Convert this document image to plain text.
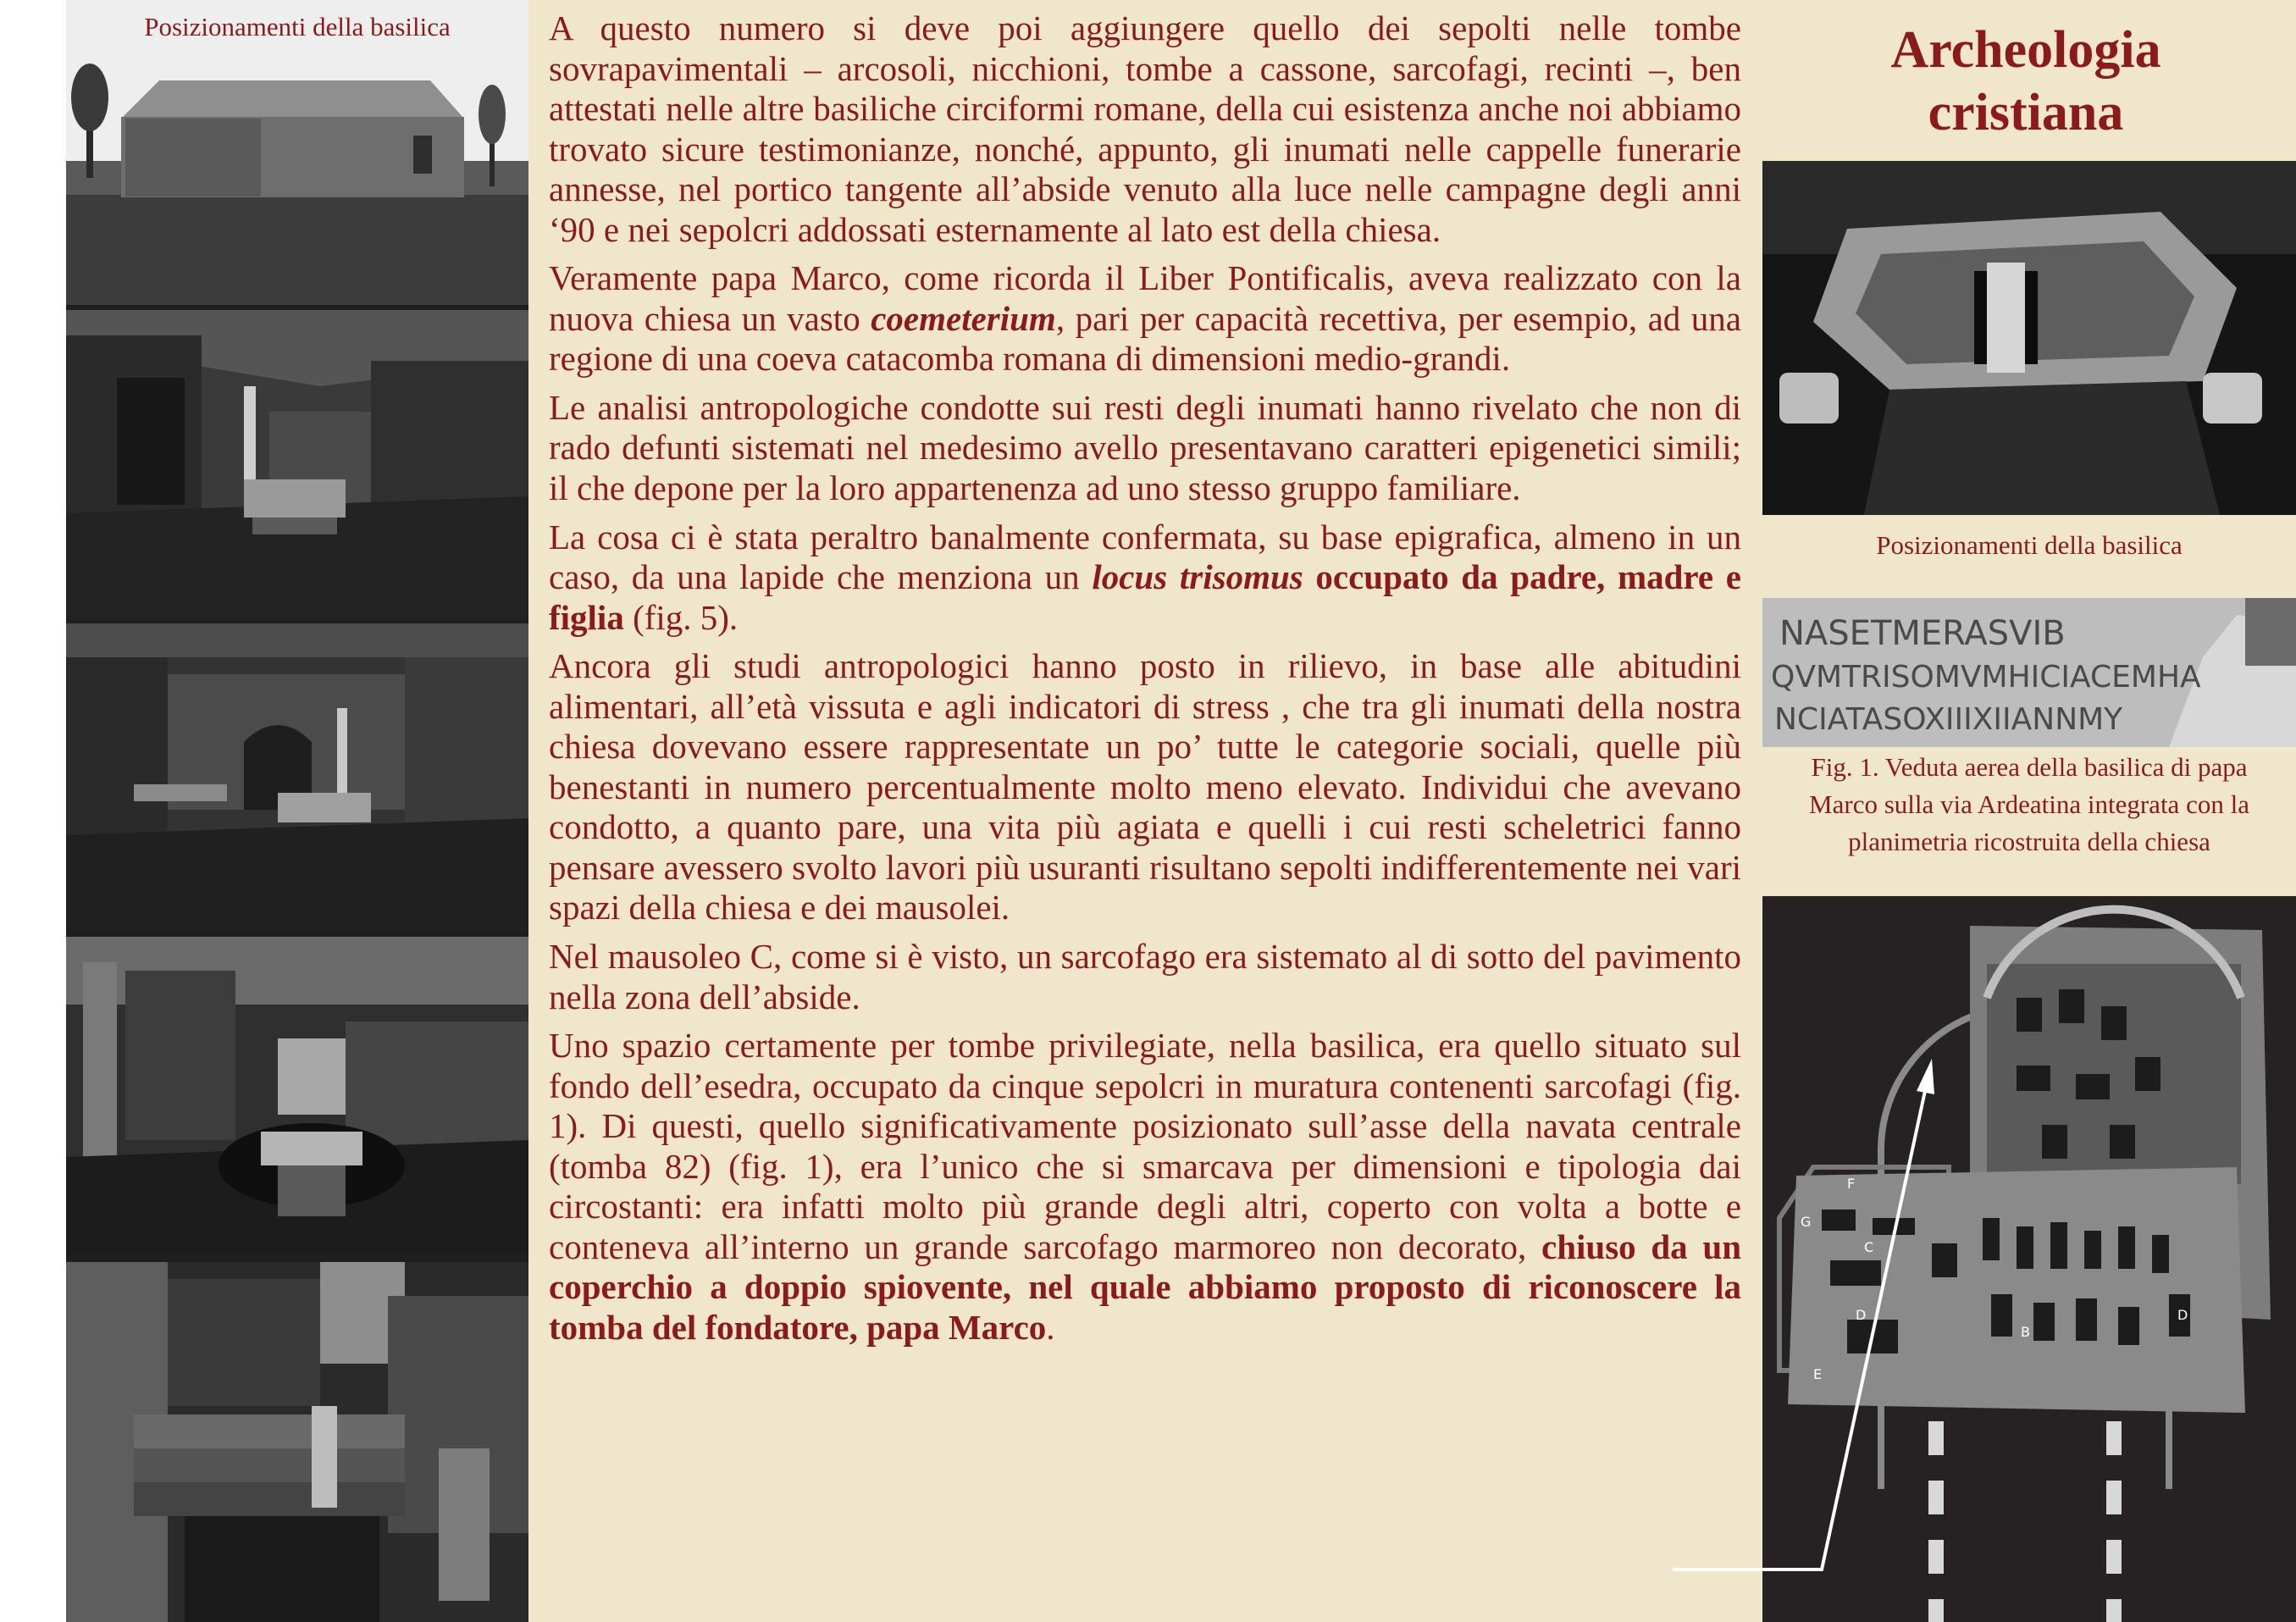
Posizionamenti della basilica	A questo numero si deve poi aggiungere quello dei sepolti nelle tombe sovrapavimentali – arcosoli, nicchioni, tombe a cassone, sarcofagi, recinti –, ben attestati nelle altre basiliche circiformi romane, della cui esistenza anche noi abbiamo trovato sicure testimonianze, nonché, appunto, gli inumati nelle cappelle funerarie annesse, nel portico tangente all’abside venuto alla luce nelle campagne degli anni ‘90 e nei sepolcri addossati esternamente al lato est della chiesa.

Veramente papa Marco, come ricorda il Liber Pontificalis, aveva realizzato con la nuova chiesa un vasto coemeterium, pari per capacità recettiva, per esempio, ad una regione di una coeva catacomba romana di dimensioni medio-grandi.

Le analisi antropologiche condotte sui resti degli inumati hanno rivelato che non di rado defunti sistemati nel medesimo avello presentavano caratteri epigenetici simili; il che depone per la loro appartenenza ad uno stesso gruppo familiare.

La cosa ci è stata peraltro banalmente confermata, su base epigrafica, almeno in un caso, da una lapide che menziona un locus trisomus occupato da padre, madre e figlia (fig. 5).

Ancora gli studi antropologici hanno posto in rilievo, in base alle abitudini alimentari, all’età vissuta e agli indicatori di stress , che tra gli inumati della nostra chiesa dovevano essere rappresentate un po’ tutte le categorie sociali, quelle più benestanti in numero percentualmente molto meno elevato. Individui che avevano condotto, a quanto pare, una vita più agiata e quelli i cui resti scheletrici fanno pensare avessero svolto lavori più usuranti risultano sepolti indifferentemente nei vari spazi della chiesa e dei mausolei.

Nel mausoleo C, come si è visto, un sarcofago era sistemato al di sotto del pavimento nella zona dell’abside.

Uno spazio certamente per tombe privilegiate, nella basilica, era quello situato sul fondo dell’esedra, occupato da cinque sepolcri in muratura contenenti sarcofagi (fig. 1). Di questi, quello significativamente posizionato sull’asse della navata centrale (tomba 82) (fig. 1), era l’unico che si smarcava per dimensioni e tipologia dai circostanti: era infatti molto più grande degli altri, coperto con volta a botte e conteneva all’interno un grande sarcofago marmoreo non decorato, chiuso da un coperchio a doppio spiovente, nel quale abbiamo proposto di riconoscere la tomba del fondatore, papa Marco.

Archeologia
cristiana
Posizionamenti della basilica
NASETMERASVIB
QVMTRISOMVMHICIACEMHA
NCIATASOXIIIXIIANNMY
Fig. 1. Veduta aerea della basilica di papa Marco sulla via Ardeatina integrata con la planimetria ricostruita della chiesa
F
G
C
D
E
B
D
